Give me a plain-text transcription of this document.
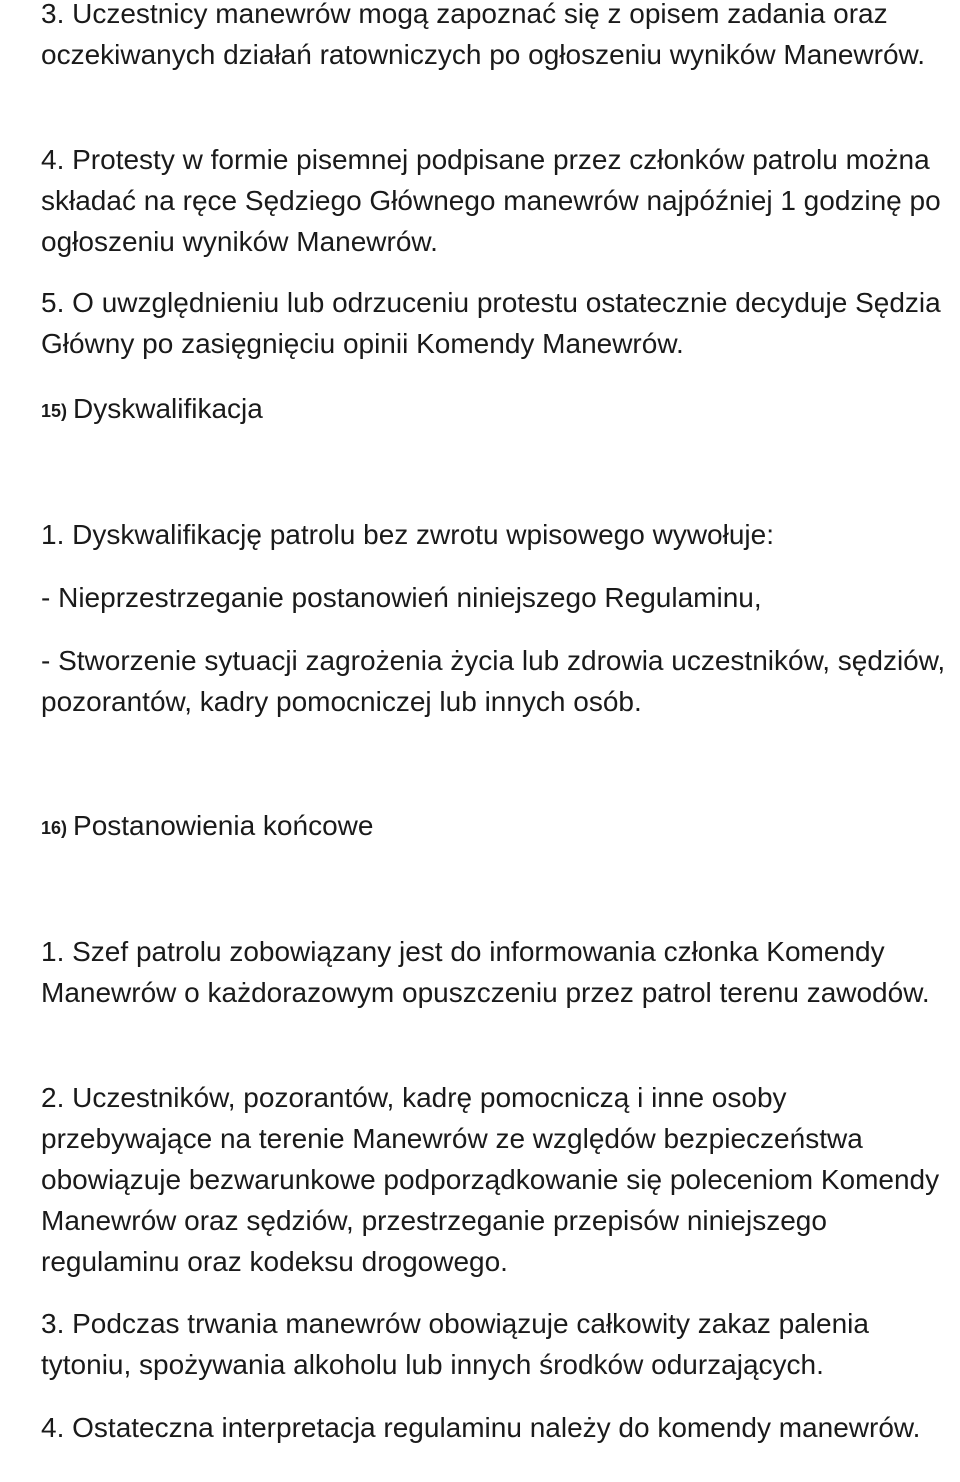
3. Uczestnicy manewrów mogą zapoznać się z opisem zadania oraz oczekiwanych działań ratowniczych po ogłoszeniu wyników Manewrów.

4. Protesty w formie pisemnej podpisane przez członków patrolu można składać na ręce Sędziego Głównego manewrów najpóźniej 1 godzinę po ogłoszeniu wyników Manewrów.

5. O uwzględnieniu lub odrzuceniu protestu ostatecznie decyduje Sędzia Główny po zasięgnięciu opinii Komendy Manewrów.

15) Dyskwalifikacja

1. Dyskwalifikację patrolu bez zwrotu wpisowego wywołuje:

- Nieprzestrzeganie postanowień niniejszego Regulaminu,

- Stworzenie sytuacji zagrożenia życia lub zdrowia uczestników, sędziów, pozorantów, kadry pomocniczej lub innych osób.

16) Postanowienia końcowe

1. Szef patrolu zobowiązany jest do informowania członka Komendy Manewrów o każdorazowym opuszczeniu przez patrol terenu zawodów.

2. Uczestników, pozorantów, kadrę pomocniczą i inne osoby przebywające na terenie Manewrów ze względów bezpieczeństwa obowiązuje bezwarunkowe podporządkowanie się poleceniom Komendy Manewrów oraz sędziów, przestrzeganie przepisów niniejszego regulaminu oraz kodeksu drogowego.

3. Podczas trwania manewrów obowiązuje całkowity zakaz palenia tytoniu, spożywania alkoholu lub innych środków odurzających.

4. Ostateczna interpretacja regulaminu należy do komendy manewrów.
